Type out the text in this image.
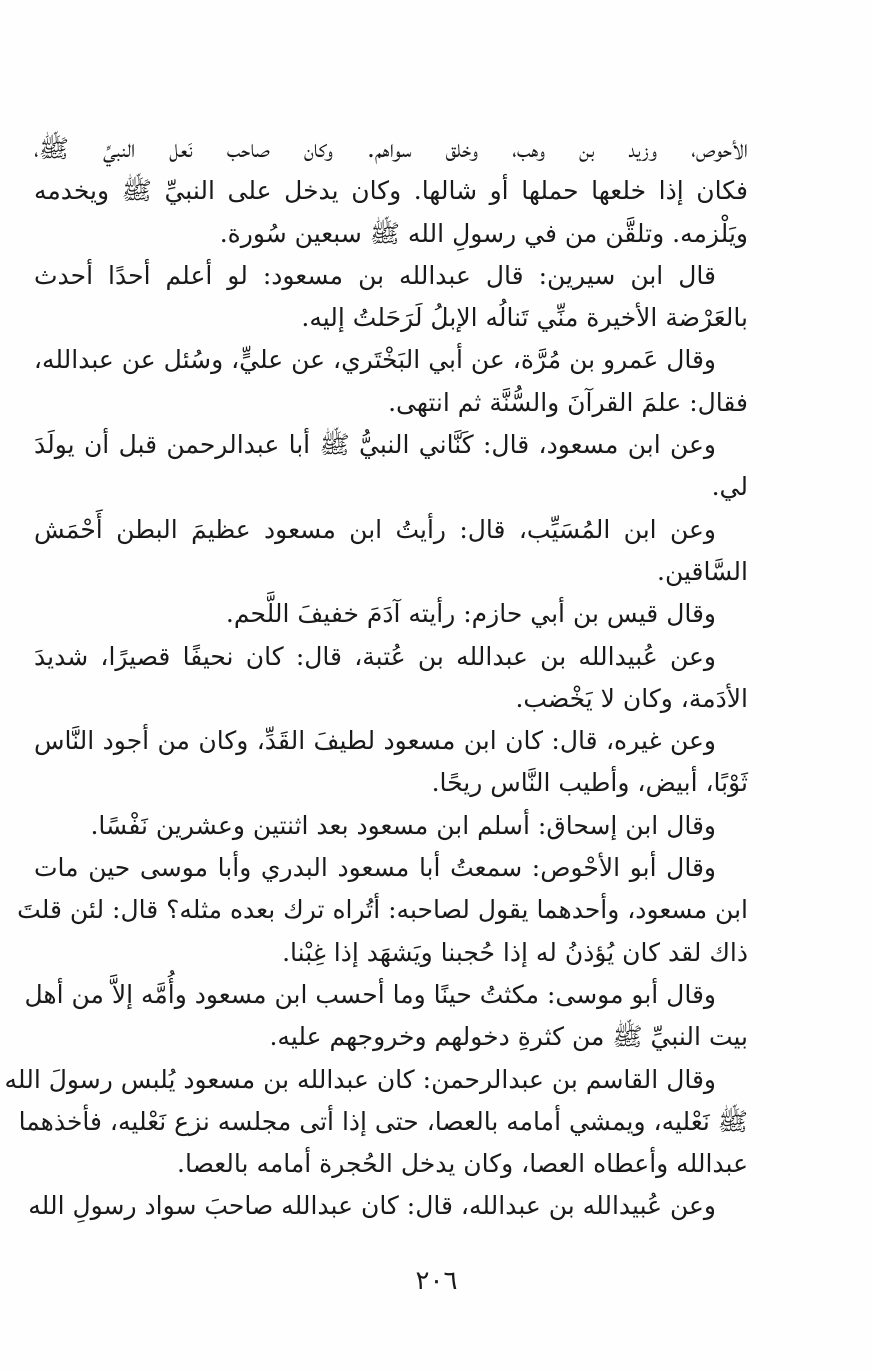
الأحوص، وزيد بن وهب، وخلق سواهم. وكان صاحب نَعل النبيِّ ﷺ،
فكان إذا خلعها حملها أو شالها. وكان يدخل على النبيِّ ﷺ ويخدمه
ويَلْزمه. وتلقَّن من في رسولِ الله ﷺ سبعين سُورة.
قال ابن سيرين: قال عبدالله بن مسعود: لو أعلم أحدًا أحدث
بالعَرْضة الأخيرة منِّي تَنالُه الإبلُ لَرَحَلتُ إليه.
وقال عَمرو بن مُرَّة، عن أبي البَخْتَري، عن عليٍّ، وسُئل عن عبدالله،
فقال: علمَ القرآنَ والسُّنَّة ثم انتهى.
وعن ابن مسعود، قال: كَنَّاني النبيُّ ﷺ أبا عبدالرحمن قبل أن يولَدَ
لي.
وعن ابن المُسَيِّب، قال: رأيتُ ابن مسعود عظيمَ البطن أَحْمَش
السَّاقين.
وقال قيس بن أبي حازم: رأيته آدَمَ خفيفَ اللَّحم.
وعن عُبيدالله بن عبدالله بن عُتبة، قال: كان نحيفًا قصيرًا، شديدَ
الأدَمة، وكان لا يَخْضب.
وعن غيره، قال: كان ابن مسعود لطيفَ القَدِّ، وكان من أجود النَّاس
ثَوْبًا، أبيض، وأطيب النَّاس ريحًا.
وقال ابن إسحاق: أسلم ابن مسعود بعد اثنتين وعشرين نَفْسًا.
وقال أبو الأحْوص: سمعتُ أبا مسعود البدري وأبا موسى حين مات
ابن مسعود، وأحدهما يقول لصاحبه: أتُراه ترك بعده مثله؟ قال: لئن قلتَ
ذاك لقد كان يُؤذنُ له إذا حُجبنا ويَشهَد إذا غِبْنا.
وقال أبو موسى: مكثتُ حينًا وما أحسب ابن مسعود وأُمَّه إلاَّ من أهل
بيت النبيِّ ﷺ من كثرةِ دخولهم وخروجهم عليه.
وقال القاسم بن عبدالرحمن: كان عبدالله بن مسعود يُلبس رسولَ الله
ﷺ نَعْليه، ويمشي أمامه بالعصا، حتى إذا أتى مجلسه نزع نَعْليه، فأخذهما
عبدالله وأعطاه العصا، وكان يدخل الحُجرة أمامه بالعصا.
وعن عُبيدالله بن عبدالله، قال: كان عبدالله صاحبَ سواد رسولِ الله
٢٠٦
